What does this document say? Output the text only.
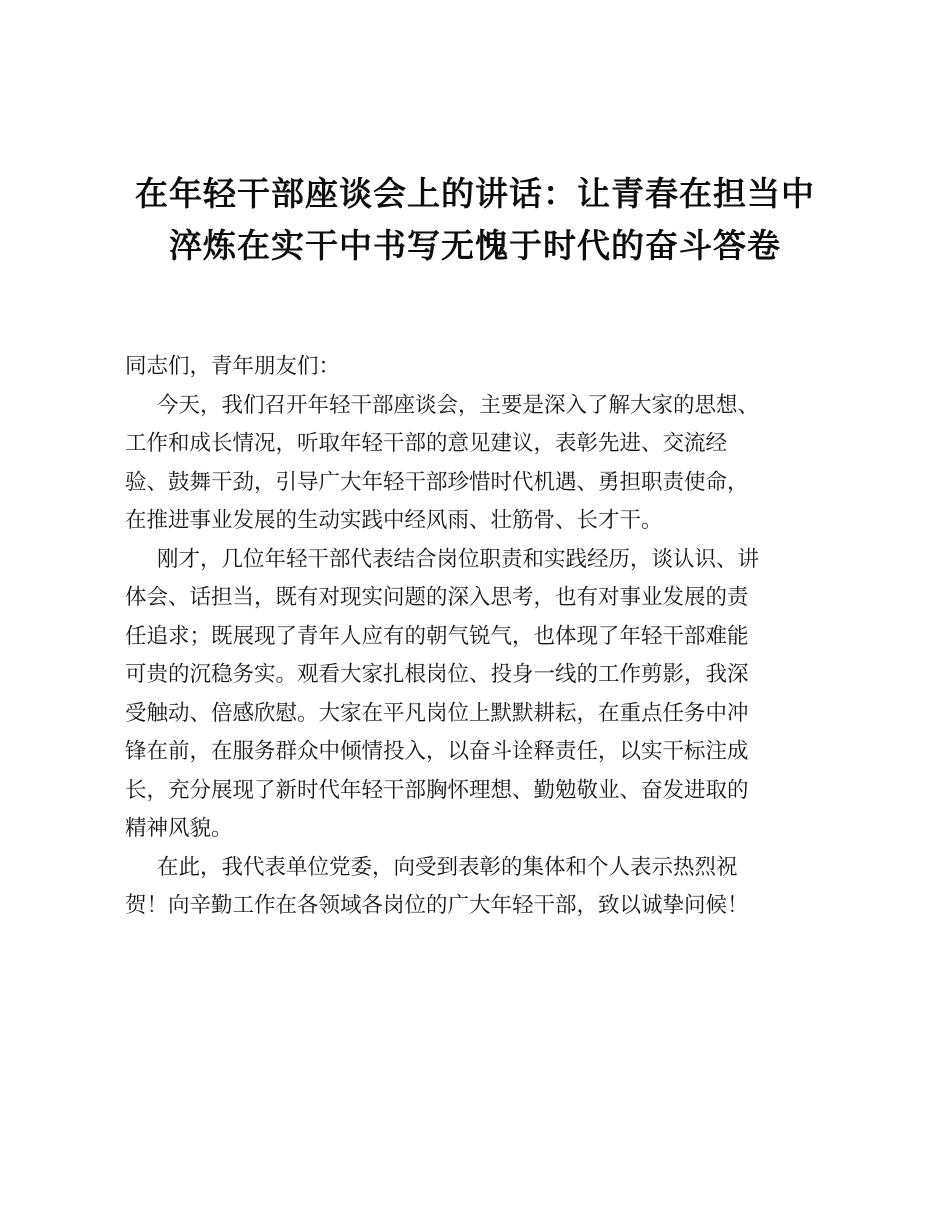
在年轻干部座谈会上的讲话：让青春在担当中
淬炼在实干中书写无愧于时代的奋斗答卷
同志们，青年朋友们：
今天，我们召开年轻干部座谈会，主要是深入了解大家的思想、
工作和成长情况，听取年轻干部的意见建议，表彰先进、交流经
验、鼓舞干劲，引导广大年轻干部珍惜时代机遇、勇担职责使命，
在推进事业发展的生动实践中经风雨、壮筋骨、长才干。
刚才，几位年轻干部代表结合岗位职责和实践经历，谈认识、讲
体会、话担当，既有对现实问题的深入思考，也有对事业发展的责
任追求；既展现了青年人应有的朝气锐气，也体现了年轻干部难能
可贵的沉稳务实。观看大家扎根岗位、投身一线的工作剪影，我深
受触动、倍感欣慰。大家在平凡岗位上默默耕耘，在重点任务中冲
锋在前，在服务群众中倾情投入，以奋斗诠释责任，以实干标注成
长，充分展现了新时代年轻干部胸怀理想、勤勉敬业、奋发进取的
精神风貌。
在此，我代表单位党委，向受到表彰的集体和个人表示热烈祝
贺！向辛勤工作在各领域各岗位的广大年轻干部，致以诚挚问候！
